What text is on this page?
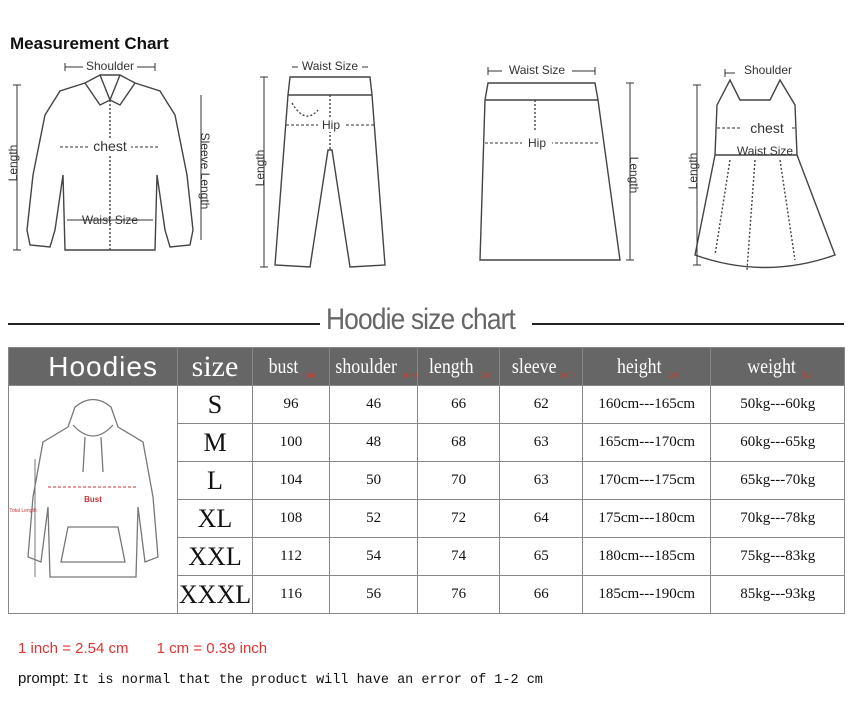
Measurement Chart
Shoulder
chest
Waist Size
Length	Sleeve Length
Waist Size
Hip
Length
Waist Size
Hip
Length
Shoulder
chest
Waist Size
Length
Hoodie size chart
Hoodies	size	bust (cm)	shoulder (cm)	length (cm)	sleeve (cm)	height (cm)	weight (kg)

Bust
Total Length	S	96	46	66	62	160cm---165cm	50kg---60kg
	M	100	48	68	63	165cm---170cm	60kg---65kg
	L	104	50	70	63	170cm---175cm	65kg---70kg
	XL	108	52	72	64	175cm---180cm	70kg---78kg
	XXL	112	54	74	65	180cm---185cm	75kg---83kg
	XXXL	116	56	76	66	185cm---190cm	85kg---93kg
1 inch = 2.54 cm 1 cm = 0.39 inch
prompt: It is normal that the product will have an error of 1-2 cm
